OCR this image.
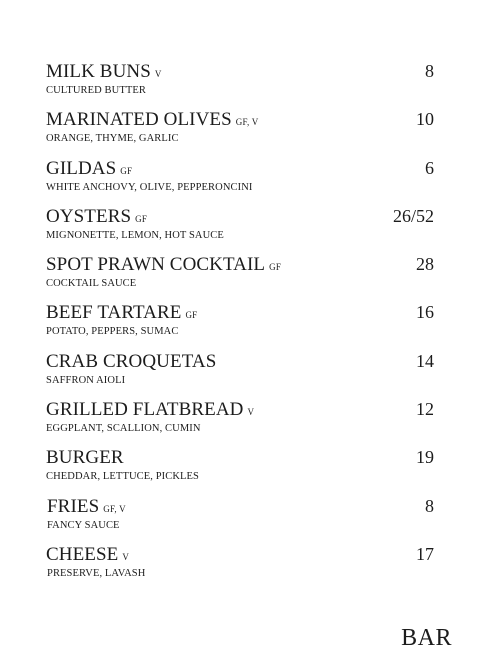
MILK BUNS V	8
CULTURED BUTTER
MARINATED OLIVES GF, V	10
ORANGE, THYME, GARLIC
GILDAS GF	6
WHITE ANCHOVY, OLIVE, PEPPERONCINI
OYSTERS GF	26/52
MIGNONETTE, LEMON, HOT SAUCE
SPOT PRAWN COCKTAIL GF	28
COCKTAIL SAUCE
BEEF TARTARE GF	16
POTATO, PEPPERS, SUMAC
CRAB CROQUETAS	14
SAFFRON AIOLI
GRILLED FLATBREAD V	12
EGGPLANT, SCALLION, CUMIN
BURGER	19
CHEDDAR, LETTUCE, PICKLES
FRIES GF, V	8
FANCY SAUCE
CHEESE V	17
PRESERVE, LAVASH
BAR
